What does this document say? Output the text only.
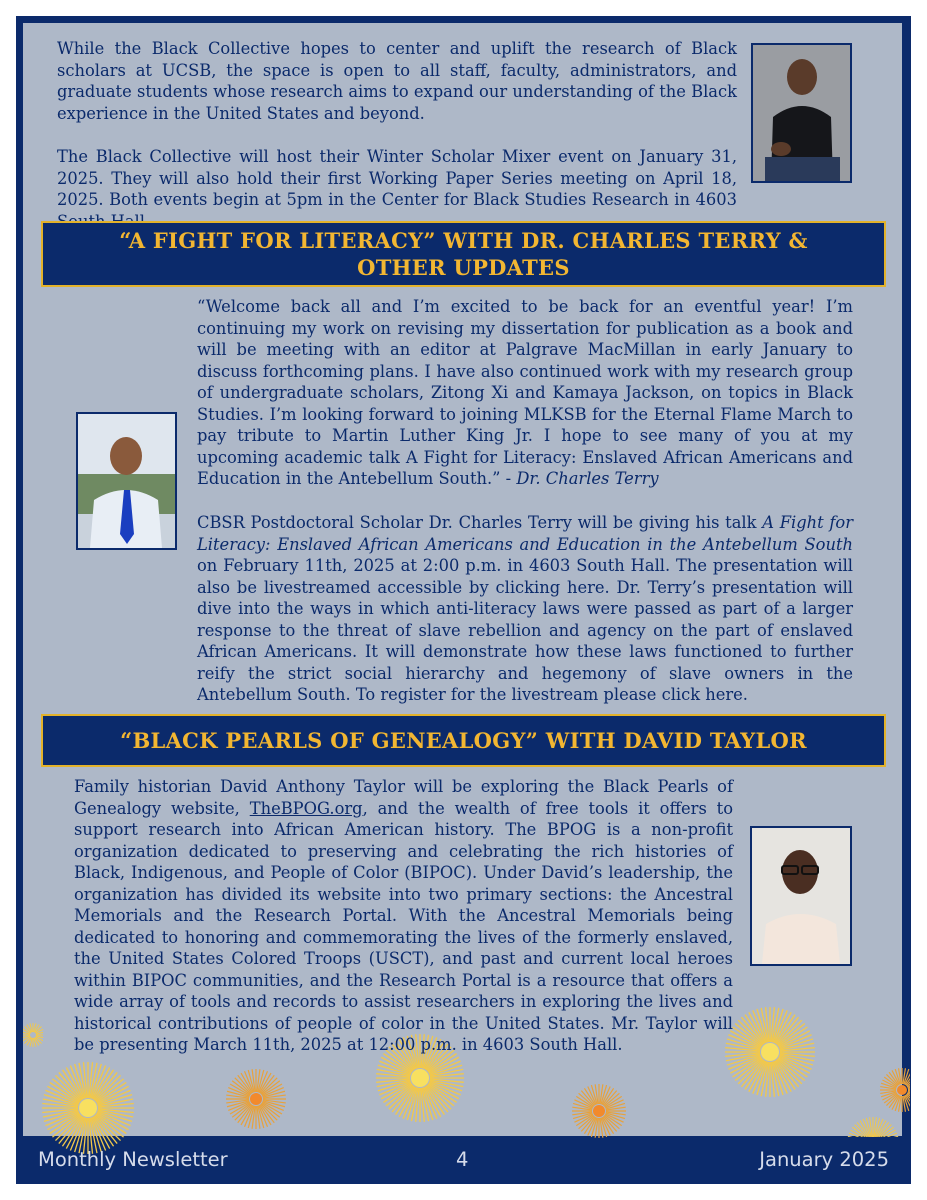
While the Black Collective hopes to center and uplift the research of Black scholars at UCSB, the space is open to all staff, faculty, administrators, and graduate students whose research aims to expand our understanding of the Black experience in the United States and beyond.

The Black Collective will host their Winter Scholar Mixer event on January 31, 2025. They will also hold their first Working Paper Series meeting on April 18, 2025. Both events begin at 5pm in the Center for Black Studies Research in 4603

“A FIGHT FOR LITERACY” WITH DR. CHARLES TERRY & OTHER UPDATES

“Welcome back all and I’m excited to be back for an eventful year! I’m continuing my work on revising my dissertation for publication as a book and will be meeting with an editor at Palgrave MacMillan in early January to discuss forthcoming plans. I have also continued work with my research group of undergraduate scholars, Zitong Xi and Kamaya Jackson, on topics in Black Studies. I’m looking forward to joining MLKSB for the Eternal Flame March to pay tribute to Martin Luther King Jr. I hope to see many of you at my upcoming academic talk A Fight for Literacy: Enslaved African Americans and Education in the Antebellum South.” - Dr. Charles Terry

CBSR Postdoctoral Scholar Dr. Charles Terry will be giving his talk A Fight for Literacy: Enslaved African Americans and Education in the Antebellum South on February 11th, 2025 at 2:00 p.m. in 4603 South Hall. The presentation will also be livestreamed accessible by clicking here. Dr. Terry’s presentation will dive into the ways in which anti-literacy laws were passed as part of a larger response to the threat of slave rebellion and agency on the part of enslaved African Americans. It will demonstrate how these laws functioned to further reify the strict social hierarchy and hegemony of slave owners in the Antebellum South. To register for the livestream please click here.

“BLACK PEARLS OF GENEALOGY” WITH DAVID TAYLOR

Family historian David Anthony Taylor will be exploring the Black Pearls of Genealogy website, TheBPOG.org, and the wealth of free tools it offers to support research into African American history. The BPOG is a non-profit organization dedicated to preserving and celebrating the rich histories of Black, Indigenous, and People of Color (BIPOC). Under David’s leadership, the organization has divided its website into two primary sections: the Ancestral Memorials and the Research Portal. With the Ancestral Memorials being dedicated to honoring and commemorating the lives of the formerly enslaved, the United States Colored Troops (USCT), and past and current local heroes within BIPOC communities, and the Research Portal is a resource that offers a wide array of tools and records to assist researchers in exploring the lives and historical contributions of people of color in the United States. Mr. Taylor will be presenting March 11th, 2025 at 12:00 p.m. in 4603 South Hall.

Monthly Newsletter	4	January 2025
